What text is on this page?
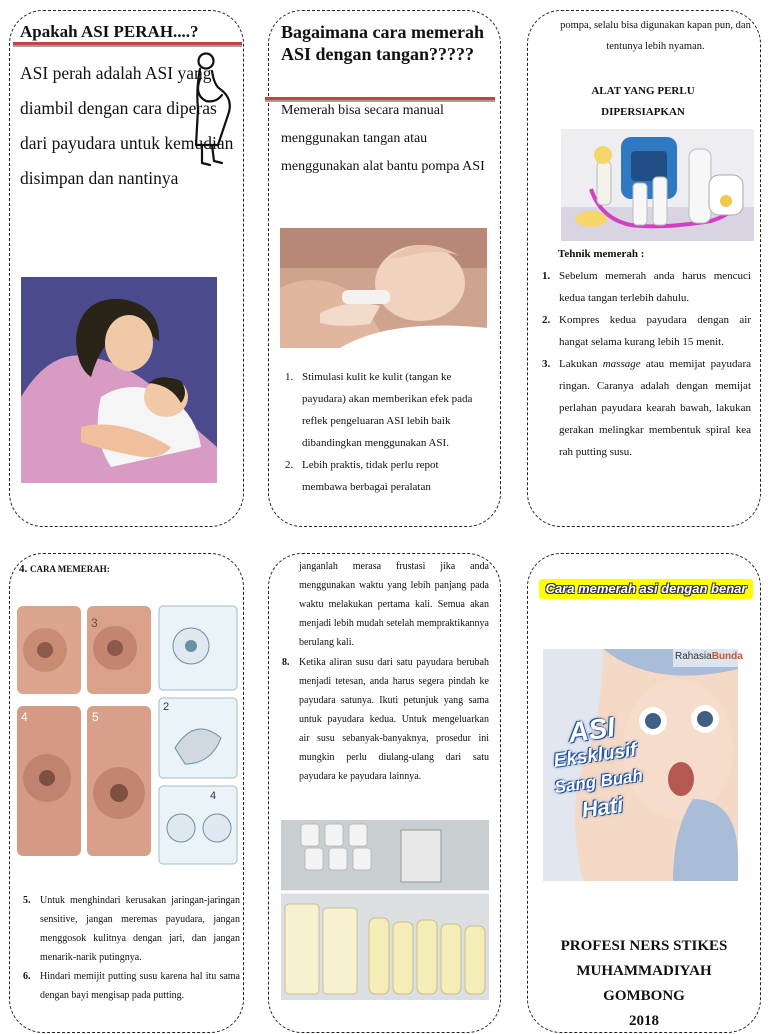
Apakah ASI PERAH....?
ASI perah adalah ASI yang diambil dengan cara diperas dari payudara untuk kemudian disimpan dan nantinya
Bagaimana cara memerah ASI dengan tangan?????
Memerah bisa secara manual menggunakan tangan atau menggunakan alat bantu pompa ASI
1. Stimulasi kulit ke kulit (tangan ke payudara) akan memberikan efek pada reflek pengeluaran ASI lebih baik dibandingkan menggunakan ASI.
2. Lebih praktis, tidak perlu repot membawa berbagai peralatan
pompa, selalu bisa digunakan kapan pun, dan tentunya lebih nyaman.
ALAT YANG PERLU DIPERSIAPKAN
Tehnik memerah :
1. Sebelum memerah anda harus mencuci kedua tangan terlebih dahulu.
2. Kompres kedua payudara dengan air hangat selama kurang lebih 15 menit.
3. Lakukan massage atau memijat payudara ringan. Caranya adalah dengan memijat perlahan payudara kearah bawah, lakukan gerakan melingkar membentuk spiral kea rah putting susu.
4. CARA MEMERAH:
3
4	5
2
4
5. Untuk menghindari kerusakan jaringan-jaringan sensitive, jangan meremas payudara, jangan menggosok kulitnya dengan jari, dan jangan menarik-narik putingnya.
6. Hindari memijit putting susu karena hal itu sama dengan bayi mengisap pada putting.
janganlah merasa frustasi jika anda menggunakan waktu yang lebih panjang pada waktu melakukan pertama kali. Semua akan menjadi lebih mudah setelah mempraktikannya berulang kali.
8. Ketika aliran susu dari satu payudara berubah menjadi tetesan, anda harus segera pindah ke payudara satunya. Ikuti petunjuk yang sama untuk payudara kedua. Untuk mengeluarkan air susu sebanyak-banyaknya, prosedur ini mungkin perlu diulang-ulang dari satu payudara ke payudara lainnya.
Cara memerah asi dengan benar
RahasiaBunda
ASI
Eksklusif
Sang Buah
Hati
PROFESI NERS STIKES
MUHAMMADIYAH
GOMBONG
2018
